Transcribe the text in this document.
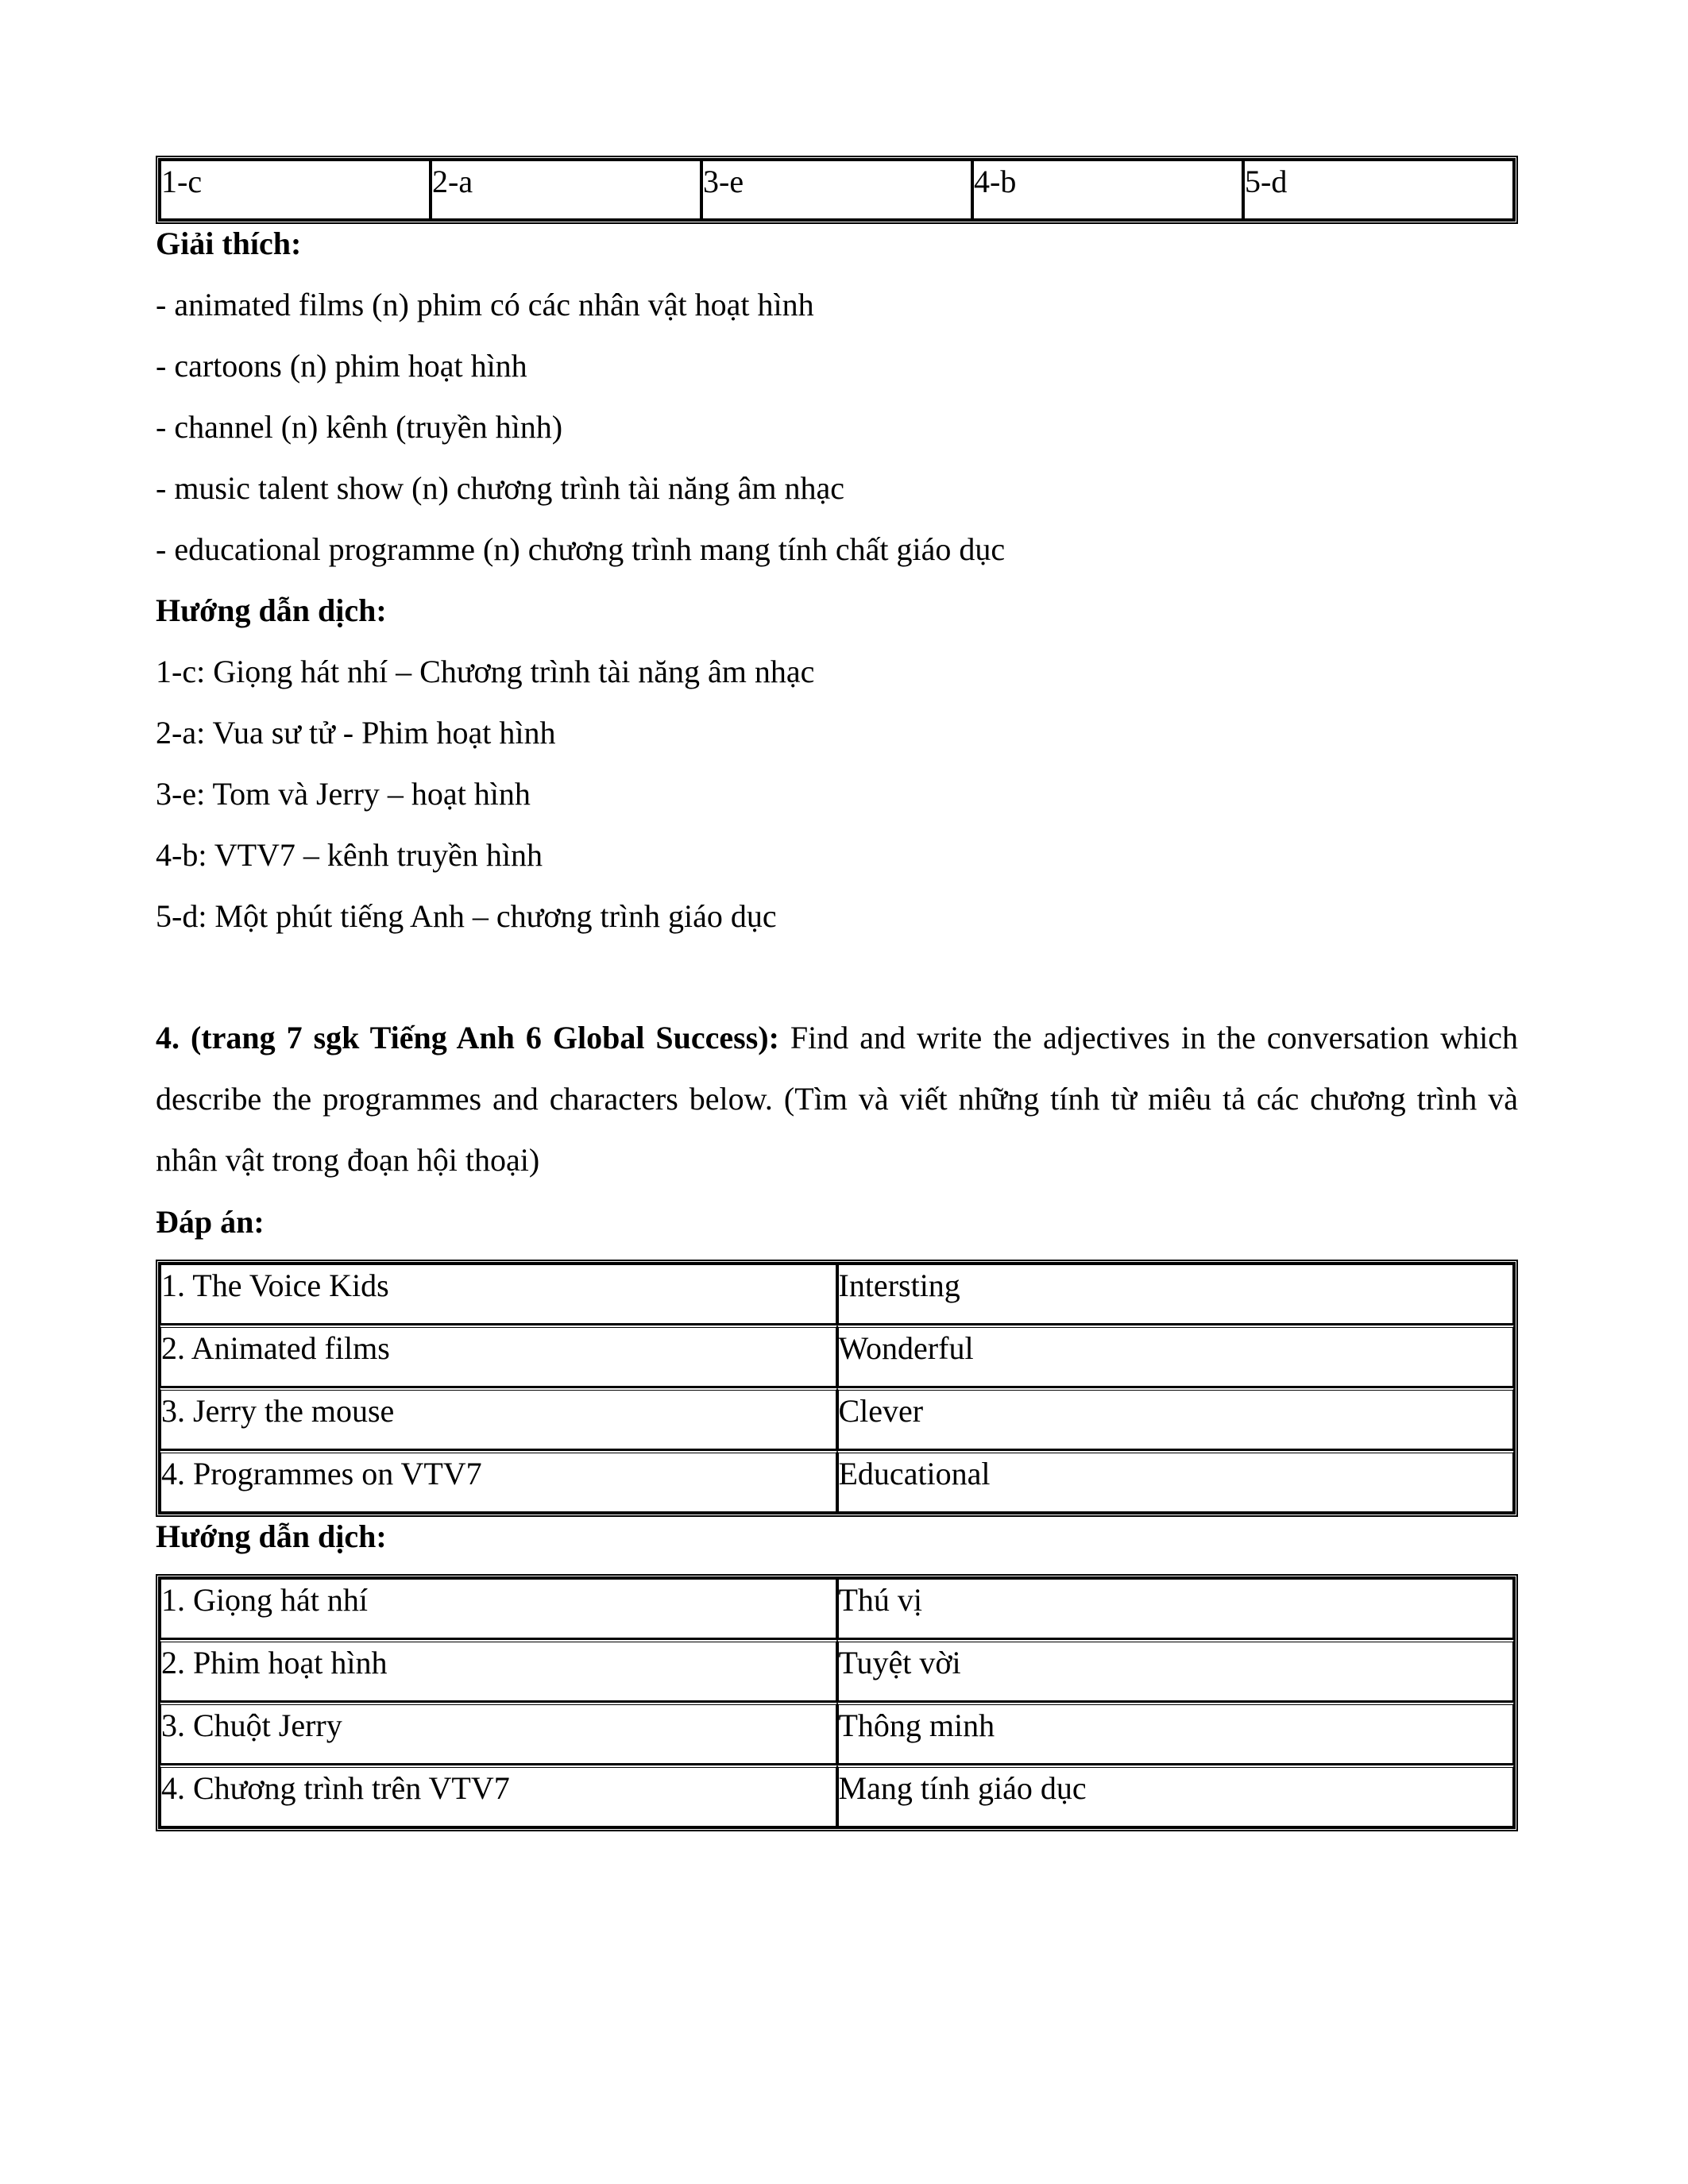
1-c	2-a	3-e	4-b	5-d
Giải thích:
- animated films (n) phim có các nhân vật hoạt hình
- cartoons (n) phim hoạt hình
- channel (n) kênh (truyền hình)
- music talent show (n) chương trình tài năng âm nhạc
- educational programme (n) chương trình mang tính chất giáo dục
Hướng dẫn dịch:
1-c: Giọng hát nhí – Chương trình tài năng âm nhạc
2-a: Vua sư tử - Phim hoạt hình
3-e: Tom và Jerry – hoạt hình
4-b: VTV7 – kênh truyền hình
5-d: Một phút tiếng Anh – chương trình giáo dục
4. (trang 7 sgk Tiếng Anh 6 Global Success): Find and write the adjectives in the conversation which describe the programmes and characters below. (Tìm và viết những tính từ miêu tả các chương trình và nhân vật trong đoạn hội thoại)
Đáp án:
1. The Voice Kids	Intersting
2. Animated films	Wonderful
3. Jerry the mouse	Clever
4. Programmes on VTV7	Educational
Hướng dẫn dịch:
1. Giọng hát nhí	Thú vị
2. Phim hoạt hình	Tuyệt vời
3. Chuột Jerry	Thông minh
4. Chương trình trên VTV7	Mang tính giáo dục
